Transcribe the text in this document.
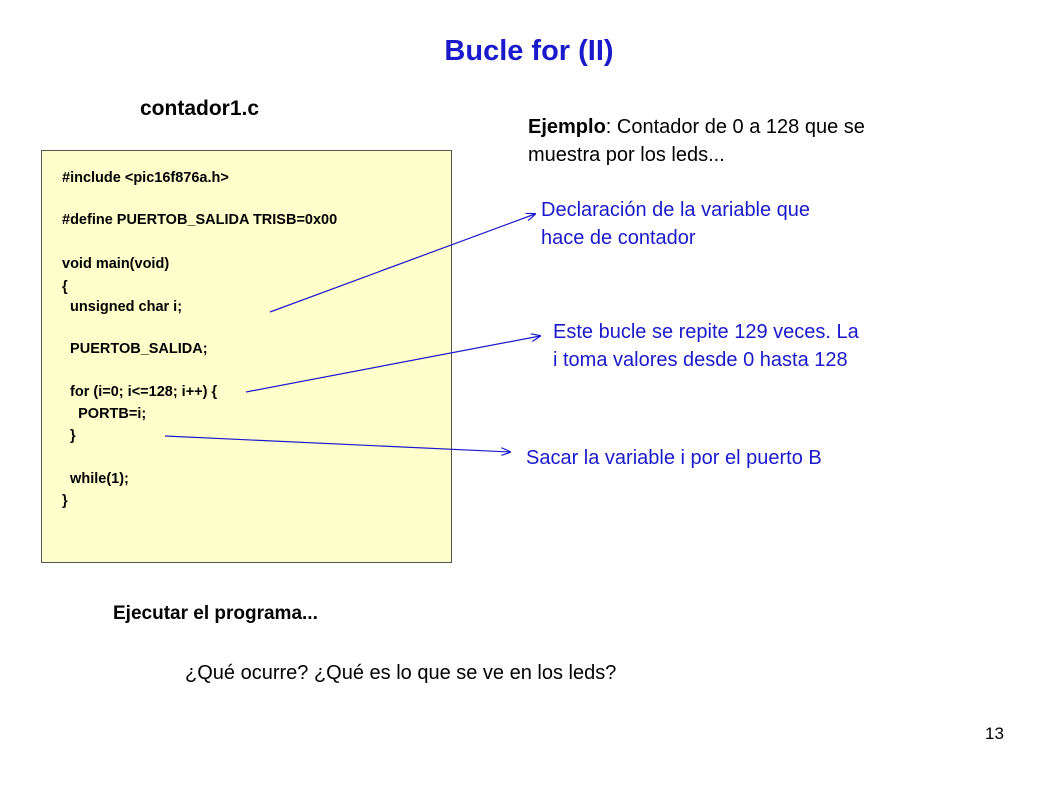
Bucle for (II)
contador1.c
Ejemplo: Contador de 0 a 128 que se
muestra por los leds...
#include <pic16f876a.h>
#define PUERTOB_SALIDA TRISB=0x00
void main(void)
{
unsigned char i;
PUERTOB_SALIDA;
for (i=0; i<=128; i++) {
PORTB=i;
}
while(1);
}
Declaración de la variable que
hace de contador
Este bucle se repite 129 veces. La
i toma valores desde 0 hasta 128
Sacar la variable i por el puerto B
Ejecutar el programa...
¿Qué ocurre? ¿Qué es lo que se ve en los leds?
13
